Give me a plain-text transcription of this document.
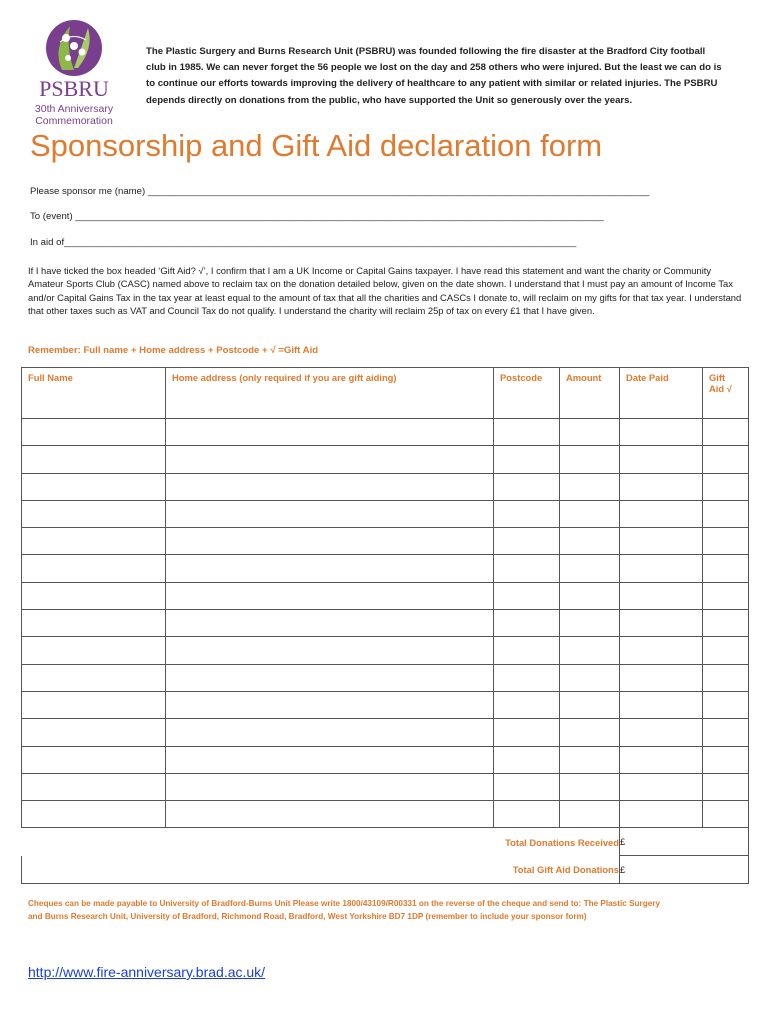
PSBRU
30th Anniversary
Commemoration
The Plastic Surgery and Burns Research Unit (PSBRU) was founded following the fire disaster at the Bradford City football club in 1985. We can never forget the 56 people we lost on the day and 258 others who were injured. But the least we can do is to continue our efforts towards improving the delivery of healthcare to any patient with similar or related injuries. The PSBRU depends directly on donations from the public, who have supported the Unit so generously over the years.
Sponsorship and Gift Aid declaration form
Please sponsor me (name) ______________________________________________________________________________________________
To (event) ___________________________________________________________________________________________________
In aid of________________________________________________________________________________________________
If I have ticked the box headed ‘Gift Aid? √’, I confirm that I am a UK Income or Capital Gains taxpayer. I have read this statement and want the charity or Community Amateur Sports Club (CASC) named above to reclaim tax on the donation detailed below, given on the date shown. I understand that I must pay an amount of Income Tax and/or Capital Gains Tax in the tax year at least equal to the amount of tax that all the charities and CASCs I donate to, will reclaim on my gifts for that tax year. I understand that other taxes such as VAT and Council Tax do not qualify. I understand the charity will reclaim 25p of tax on every £1 that I have given.
Remember: Full name + Home address + Postcode + √ =Gift Aid
Full Name	Home address (only required if you are gift aiding)	Postcode	Amount	Date Paid	Gift Aid √

Total Donations Received				£	
Total Gift Aid Donations				£	
Cheques can be made payable to University of Bradford-Burns Unit Please write 1800/43109/R00331 on the reverse of the cheque and send to: The Plastic Surgery and Burns Research Unit, University of Bradford, Richmond Road, Bradford, West Yorkshire BD7 1DP (remember to include your sponsor form)
http://www.fire-anniversary.brad.ac.uk/
